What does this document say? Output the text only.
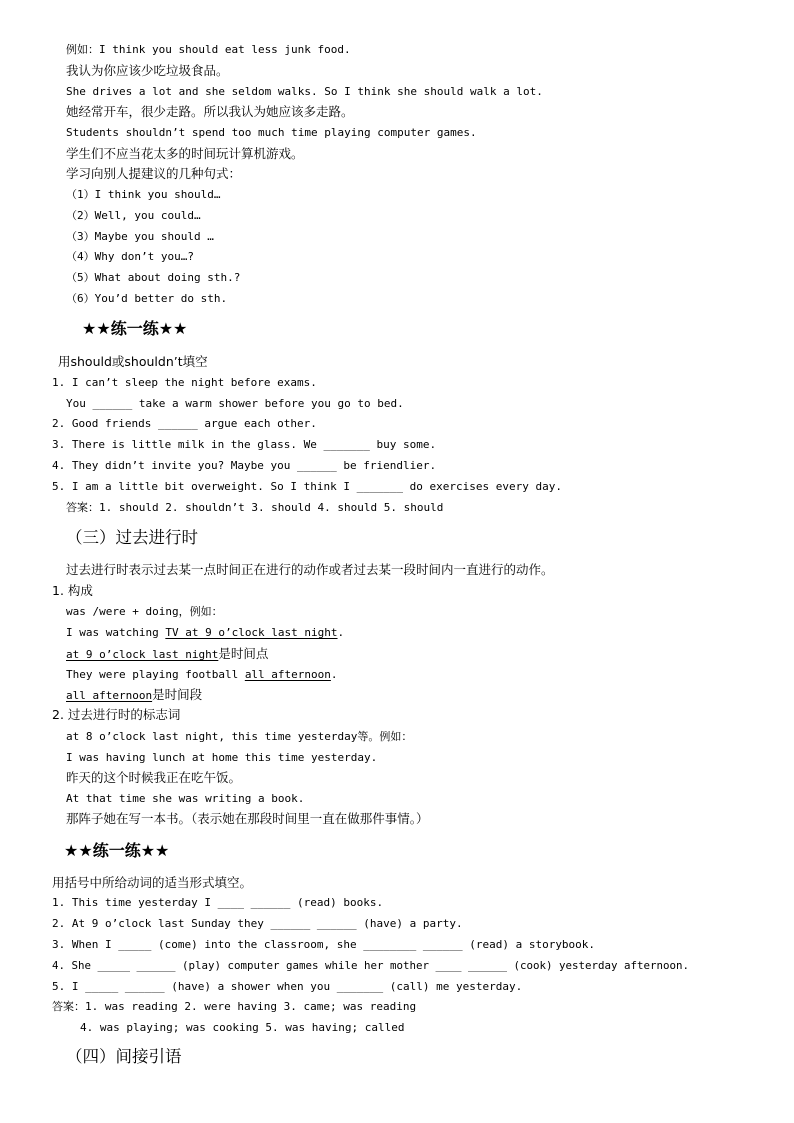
例如：I think you should eat less junk food.
我认为你应该少吃垃圾食品。
She drives a lot and she seldom walks. So I think she should walk a lot.
她经常开车，很少走路。所以我认为她应该多走路。
Students shouldn’t spend too much time playing computer games.
学生们不应当花太多的时间玩计算机游戏。
学习向别人提建议的几种句式：
（1）I think you should…
（2）Well, you could…
（3）Maybe you should …
（4）Why don’t you…?
（5）What about doing sth.?
（6）You’d better do sth.
★★练一练★★
用should或shouldn’t填空
1. I can’t sleep the night before exams.
You ______ take a warm shower before you go to bed.
2. Good friends ______ argue each other.
3. There is little milk in the glass. We _______ buy some.
4. They didn’t invite you? Maybe you ______ be friendlier.
5. I am a little bit overweight. So I think I _______ do exercises every day.
答案：1. should 2. shouldn’t 3. should 4. should 5. should
（三）过去进行时
过去进行时表示过去某一点时间正在进行的动作或者过去某一段时间内一直进行的动作。
1. 构成
was /were + doing，例如：
I was watching TV at 9 o’clock last night.
at 9 o’clock last night是时间点
They were playing football all afternoon.
all afternoon是时间段
2. 过去进行时的标志词
at 8 o’clock last night, this time yesterday等。例如：
I was having lunch at home this time yesterday.
昨天的这个时候我正在吃午饭。
At that time she was writing a book.
那阵子她在写一本书。（表示她在那段时间里一直在做那件事情。）
★★练一练★★
用括号中所给动词的适当形式填空。
1. This time yesterday I ____ ______ (read) books.
2. At 9 o’clock last Sunday they ______ ______ (have) a party.
3. When I _____ (come) into the classroom, she ________ ______ (read) a storybook.
4. She _____ ______ (play) computer games while her mother ____ ______ (cook) yesterday afternoon.
5. I _____ ______ (have) a shower when you _______ (call) me yesterday.
答案：1. was reading 2. were having 3. came; was reading
4. was playing; was cooking 5. was having; called
（四）间接引语
